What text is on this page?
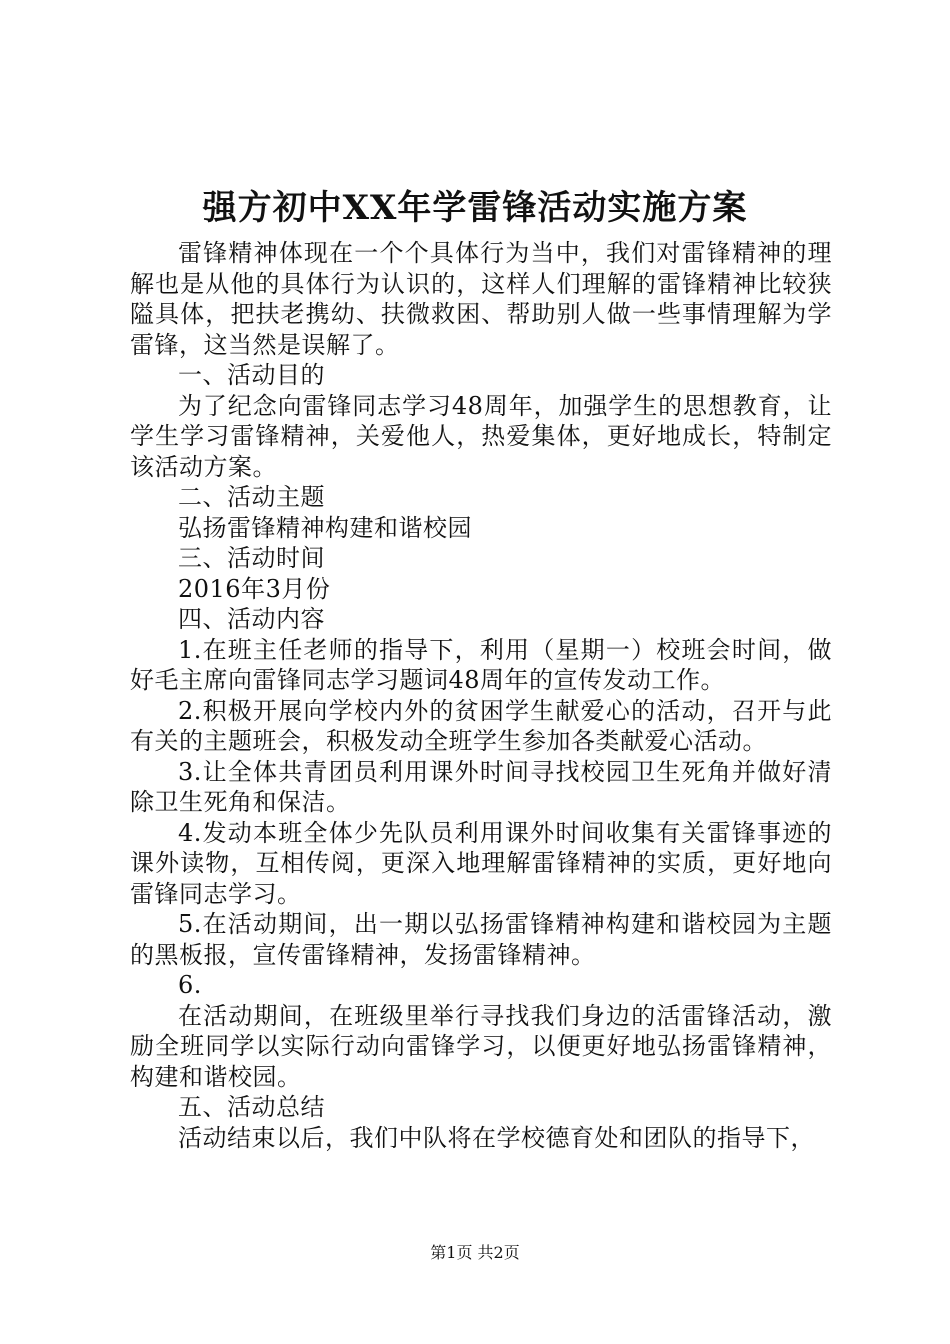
强方初中XX年学雷锋活动实施方案

雷锋精神体现在一个个具体行为当中，我们对雷锋精神的理解也是从他的具体行为认识的，这样人们理解的雷锋精神比较狭隘具体，把扶老携幼、扶微救困、帮助别人做一些事情理解为学雷锋，这当然是误解了。

一、活动目的

为了纪念向雷锋同志学习48周年，加强学生的思想教育，让学生学习雷锋精神，关爱他人，热爱集体，更好地成长，特制定该活动方案。

二、活动主题

弘扬雷锋精神构建和谐校园

三、活动时间

2016年3月份

四、活动内容

1.在班主任老师的指导下，利用（星期一）校班会时间，做好毛主席向雷锋同志学习题词48周年的宣传发动工作。

2.积极开展向学校内外的贫困学生献爱心的活动，召开与此有关的主题班会，积极发动全班学生参加各类献爱心活动。

3.让全体共青团员利用课外时间寻找校园卫生死角并做好清除卫生死角和保洁。

4.发动本班全体少先队员利用课外时间收集有关雷锋事迹的课外读物，互相传阅，更深入地理解雷锋精神的实质，更好地向雷锋同志学习。

5.在活动期间，出一期以弘扬雷锋精神构建和谐校园为主题的黑板报，宣传雷锋精神，发扬雷锋精神。

6.

在活动期间，在班级里举行寻找我们身边的活雷锋活动，激励全班同学以实际行动向雷锋学习，以便更好地弘扬雷锋精神，构建和谐校园。

五、活动总结

活动结束以后，我们中队将在学校德育处和团队的指导下，

第1页 共2页
